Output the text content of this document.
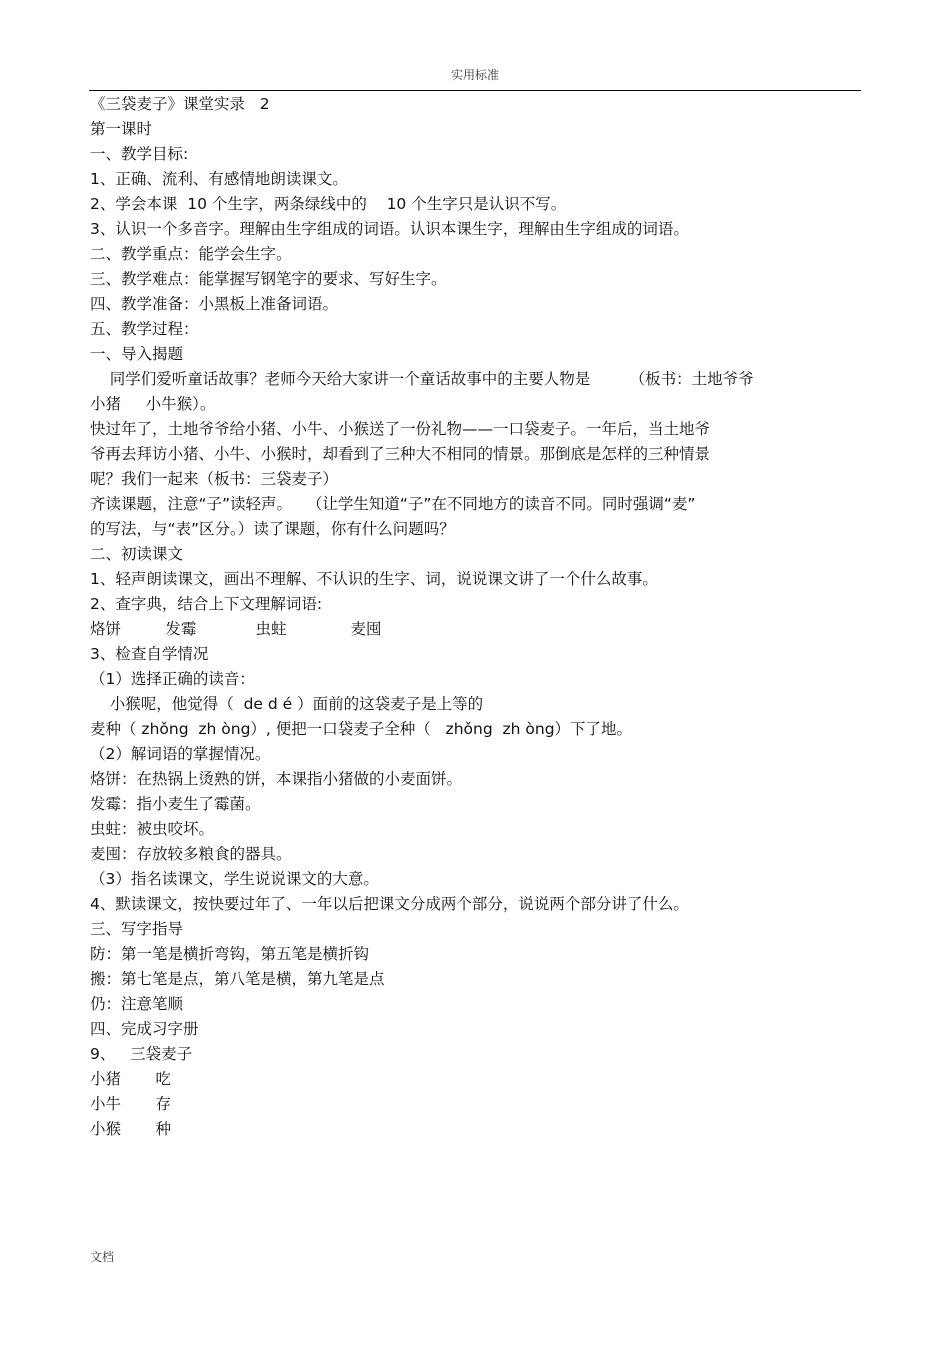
实用标准
《三袋麦子》课堂实录   2
第一课时
一、教学目标:
1、正确、流利、有感情地朗读课文。
2、学会本课  10 个生字，两条绿线中的    10 个生字只是认识不写。
3、认识一个多音字。理解由生字组成的词语。认识本课生字，理解由生字组成的词语。
二、教学重点：能学会生字。
三、教学难点：能掌握写钢笔字的要求、写好生字。
四、教学准备：小黑板上准备词语。
五、教学过程：
一、导入揭题
同学们爱听童话故事？老师今天给大家讲一个童话故事中的主要人物是        （板书：土地爷爷
小猪     小牛猴）。
快过年了，土地爷爷给小猪、小牛、小猴送了一份礼物——一口袋麦子。一年后，当土地爷
爷再去拜访小猪、小牛、小猴时，却看到了三种大不相同的情景。那倒底是怎样的三种情景
呢？我们一起来（板书：三袋麦子）
齐读课题，注意“子”读轻声。   （让学生知道“子”在不同地方的读音不同。同时强调“麦”
的写法，与“表”区分。）读了课题，你有什么问题吗？
二、初读课文
1、轻声朗读课文，画出不理解、不认识的生字、词，说说课文讲了一个什么故事。
2、查字典，结合上下文理解词语:
烙饼         发霉            虫蛀             麦囤
3、检查自学情况
（1）选择正确的读音：
小猴呢，他觉得（  de d é ）面前的这袋麦子是上等的
麦种（ zhǒng  zh òng）, 便把一口袋麦子全种（   zhǒng  zh òng）下了地。
（2）解词语的掌握情况。
烙饼：在热锅上烫熟的饼，本课指小猪做的小麦面饼。
发霉：指小麦生了霉菌。
虫蛀：被虫咬坏。
麦囤：存放较多粮食的器具。
（3）指名读课文，学生说说课文的大意。
4、默读课文，按快要过年了、一年以后把课文分成两个部分，说说两个部分讲了什么。
三、写字指导
防：第一笔是横折弯钩，第五笔是横折钩
搬：第七笔是点，第八笔是横，第九笔是点
仍：注意笔顺
四、完成习字册
9、   三袋麦子
小猪       吃
小牛       存
小猴       种
文档
